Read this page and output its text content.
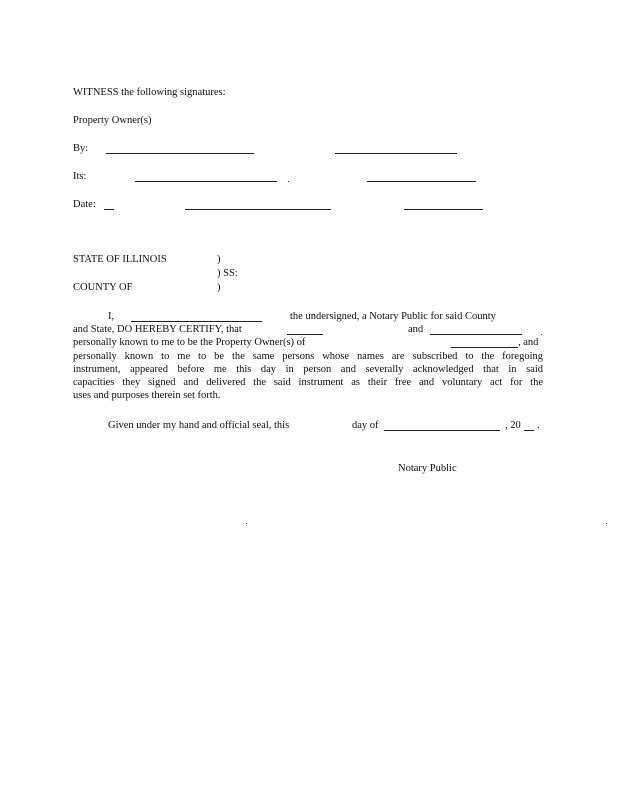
WITNESS the following signatures:
Property Owner(s)
By:
Its:
Date:
STATE OF ILLINOIS	)
) SS:
COUNTY OF	)
I,	the undersigned, a Notary Public for said County
and State, DO HEREBY CERTIFY, that	and
personally known to me to be the Property Owner(s) of	, and
personally known to me to be the same persons whose names are subscribed to the foregoing
instrument, appeared before me this day in person and severally acknowledged that in said
capacities they signed and delivered the said instrument as their free and voluntary act for the
uses and purposes therein set forth.
Given under my hand and official seal, this	day of	, 20 .
Notary Public
